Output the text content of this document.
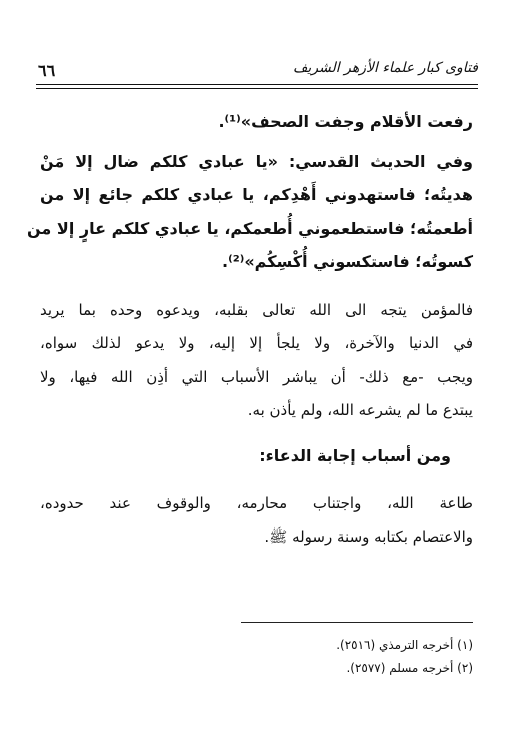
٦٦	فتاوى كبار علماء الأزهر الشريف
رفعت الأقلام وجفت الصحف»⁽¹⁾.
وفي الحديث القدسي: «يا عبادي كلكم ضال إلا مَنْ
هديتُه؛ فاستهدوني أَهْدِكم، يا عبادي كلكم جائع إلا من
أطعمتُه؛ فاستطعموني أُطعمكم، يا عبادي كلكم عارٍ إلا من
كسوتُه؛ فاستكسوني أُكْسِكُم»⁽²⁾.
فالمؤمن يتجه الى الله تعالى بقلبه، ويدعوه وحده بما يريد
في الدنيا والآخرة، ولا يلجأ إلا إليه، ولا يدعو لذلك سواه،
ويجب -مع ذلك- أن يباشر الأسباب التي أذِن الله فيها، ولا
يبتدع ما لم يشرعه الله، ولم يأذن به.
ومن أسباب إجابة الدعاء:
طاعة الله، واجتناب محارمه، والوقوف عند حدوده،
والاعتصام بكتابه وسنة رسوله ﷺ.
(١) أخرجه الترمذي (٢٥١٦).
(٢) أخرجه مسلم (٢٥٧٧).
